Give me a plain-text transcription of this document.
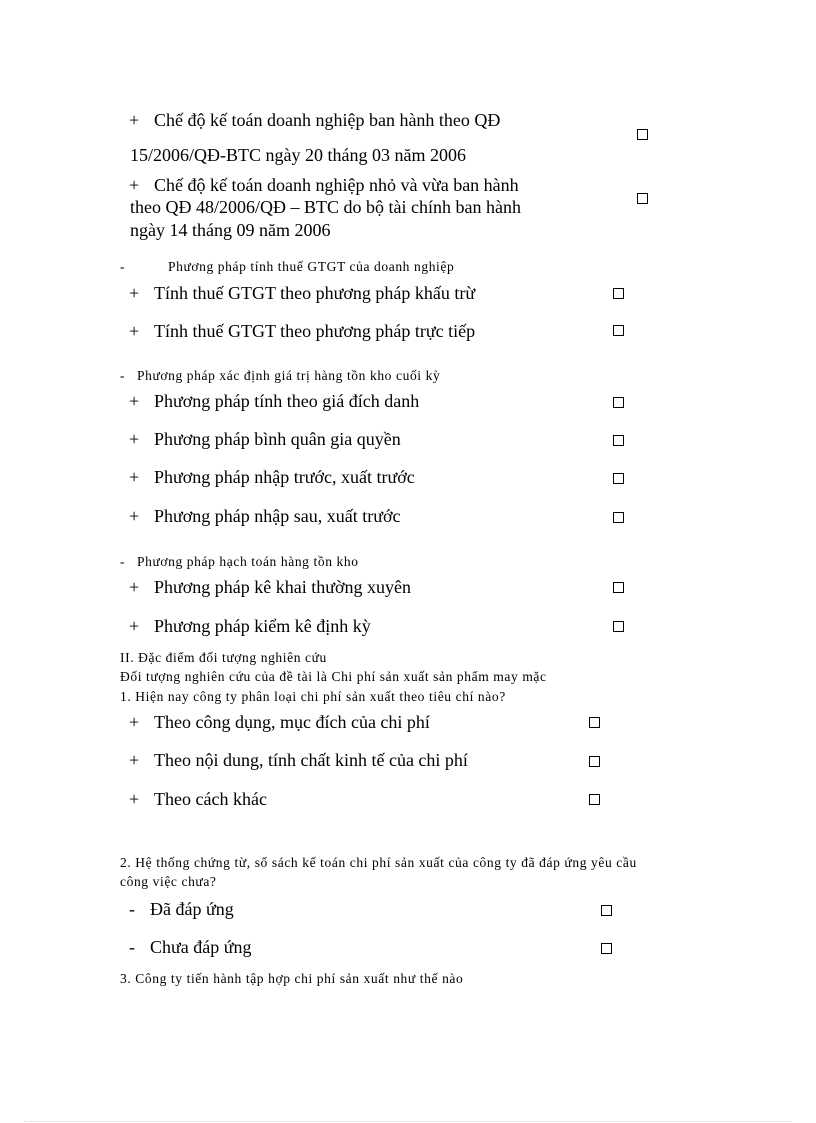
+ Chế độ kế toán doanh nghiệp ban hành theo QĐ
15/2006/QĐ-BTC ngày 20 tháng 03 năm 2006
+ Chế độ kế toán doanh nghiệp nhỏ và vừa ban hành
theo QĐ 48/2006/QĐ – BTC do bộ tài chính ban hành
ngày 14 tháng 09 năm 2006
-	Phương pháp tính thuế GTGT của doanh nghiệp
+ Tính thuế GTGT theo phương pháp khấu trừ
+ Tính thuế GTGT theo phương pháp trực tiếp
- Phương pháp xác định giá trị hàng tồn kho cuối kỳ
+ Phương pháp tính theo giá đích danh
+ Phương pháp bình quân gia quyền
+ Phương pháp nhập trước, xuất trước
+ Phương pháp nhập sau, xuất trước
- Phương pháp hạch toán hàng tồn kho
+ Phương pháp kê khai thường xuyên
+ Phương pháp kiểm kê định kỳ
II. Đặc điểm đối tượng nghiên cứu
Đối tượng nghiên cứu của đề tài là Chi phí sản xuất sản phẩm may mặc
1. Hiện nay công ty phân loại chi phí sản xuất theo tiêu chí nào?
+ Theo công dụng, mục đích của chi phí
+ Theo nội dung, tính chất kinh tế của chi phí
+ Theo cách khác
2. Hệ thống chứng từ, sổ sách kế toán chi phí sản xuất của công ty đã đáp ứng yêu cầu
công việc chưa?
- Đã đáp ứng
- Chưa đáp ứng
3. Công ty tiến hành tập hợp chi phí sản xuất như thế nào
